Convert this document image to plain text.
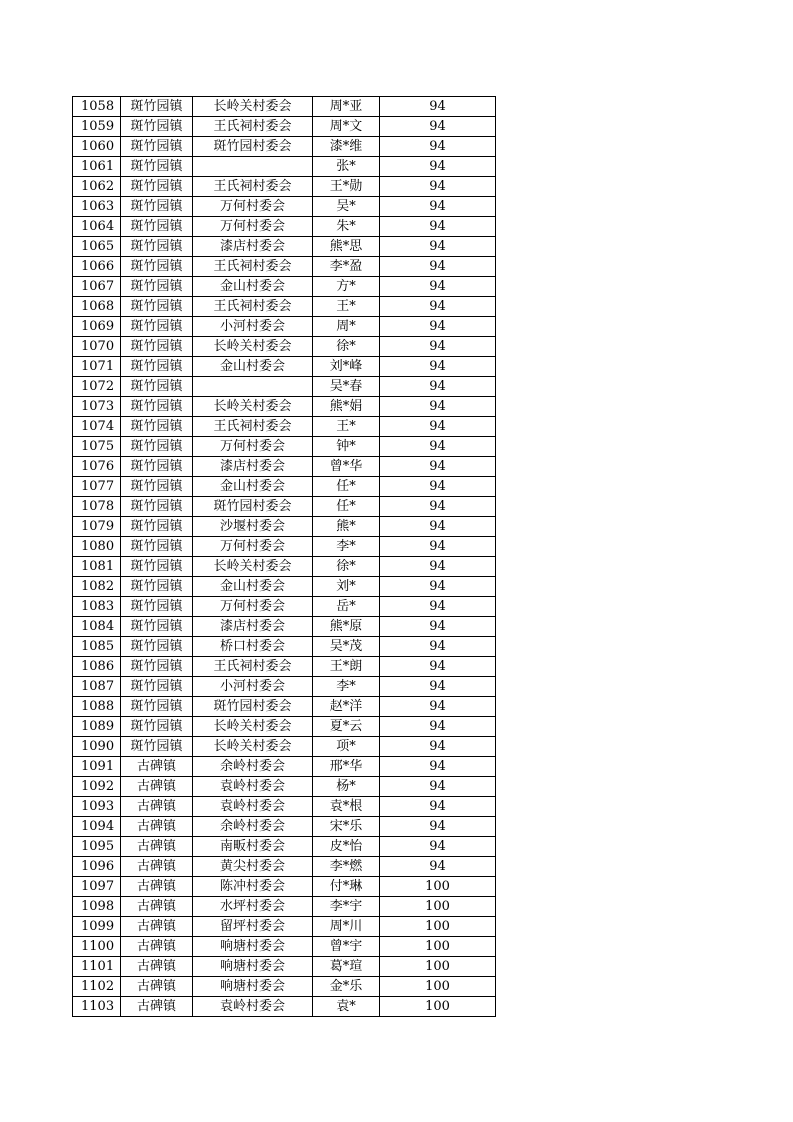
1058	斑竹园镇	长岭关村委会	周*亚	94
1059	斑竹园镇	王氏祠村委会	周*文	94
1060	斑竹园镇	斑竹园村委会	漆*维	94
1061	斑竹园镇		张*	94
1062	斑竹园镇	王氏祠村委会	王*勋	94
1063	斑竹园镇	万何村委会	吴*	94
1064	斑竹园镇	万何村委会	朱*	94
1065	斑竹园镇	漆店村委会	熊*思	94
1066	斑竹园镇	王氏祠村委会	李*盈	94
1067	斑竹园镇	金山村委会	方*	94
1068	斑竹园镇	王氏祠村委会	王*	94
1069	斑竹园镇	小河村委会	周*	94
1070	斑竹园镇	长岭关村委会	徐*	94
1071	斑竹园镇	金山村委会	刘*峰	94
1072	斑竹园镇		吴*春	94
1073	斑竹园镇	长岭关村委会	熊*娟	94
1074	斑竹园镇	王氏祠村委会	王*	94
1075	斑竹园镇	万何村委会	钟*	94
1076	斑竹园镇	漆店村委会	曾*华	94
1077	斑竹园镇	金山村委会	任*	94
1078	斑竹园镇	斑竹园村委会	任*	94
1079	斑竹园镇	沙堰村委会	熊*	94
1080	斑竹园镇	万何村委会	李*	94
1081	斑竹园镇	长岭关村委会	徐*	94
1082	斑竹园镇	金山村委会	刘*	94
1083	斑竹园镇	万何村委会	岳*	94
1084	斑竹园镇	漆店村委会	熊*原	94
1085	斑竹园镇	桥口村委会	吴*茂	94
1086	斑竹园镇	王氏祠村委会	王*朗	94
1087	斑竹园镇	小河村委会	李*	94
1088	斑竹园镇	斑竹园村委会	赵*洋	94
1089	斑竹园镇	长岭关村委会	夏*云	94
1090	斑竹园镇	长岭关村委会	项*	94
1091	古碑镇	余岭村委会	邢*华	94
1092	古碑镇	袁岭村委会	杨*	94
1093	古碑镇	袁岭村委会	袁*根	94
1094	古碑镇	余岭村委会	宋*乐	94
1095	古碑镇	南畈村委会	皮*怡	94
1096	古碑镇	黄尖村委会	李*燃	94
1097	古碑镇	陈冲村委会	付*琳	100
1098	古碑镇	水坪村委会	李*宇	100
1099	古碑镇	留坪村委会	周*川	100
1100	古碑镇	响塘村委会	曾*宇	100
1101	古碑镇	响塘村委会	葛*瑄	100
1102	古碑镇	响塘村委会	金*乐	100
1103	古碑镇	袁岭村委会	袁*	100
